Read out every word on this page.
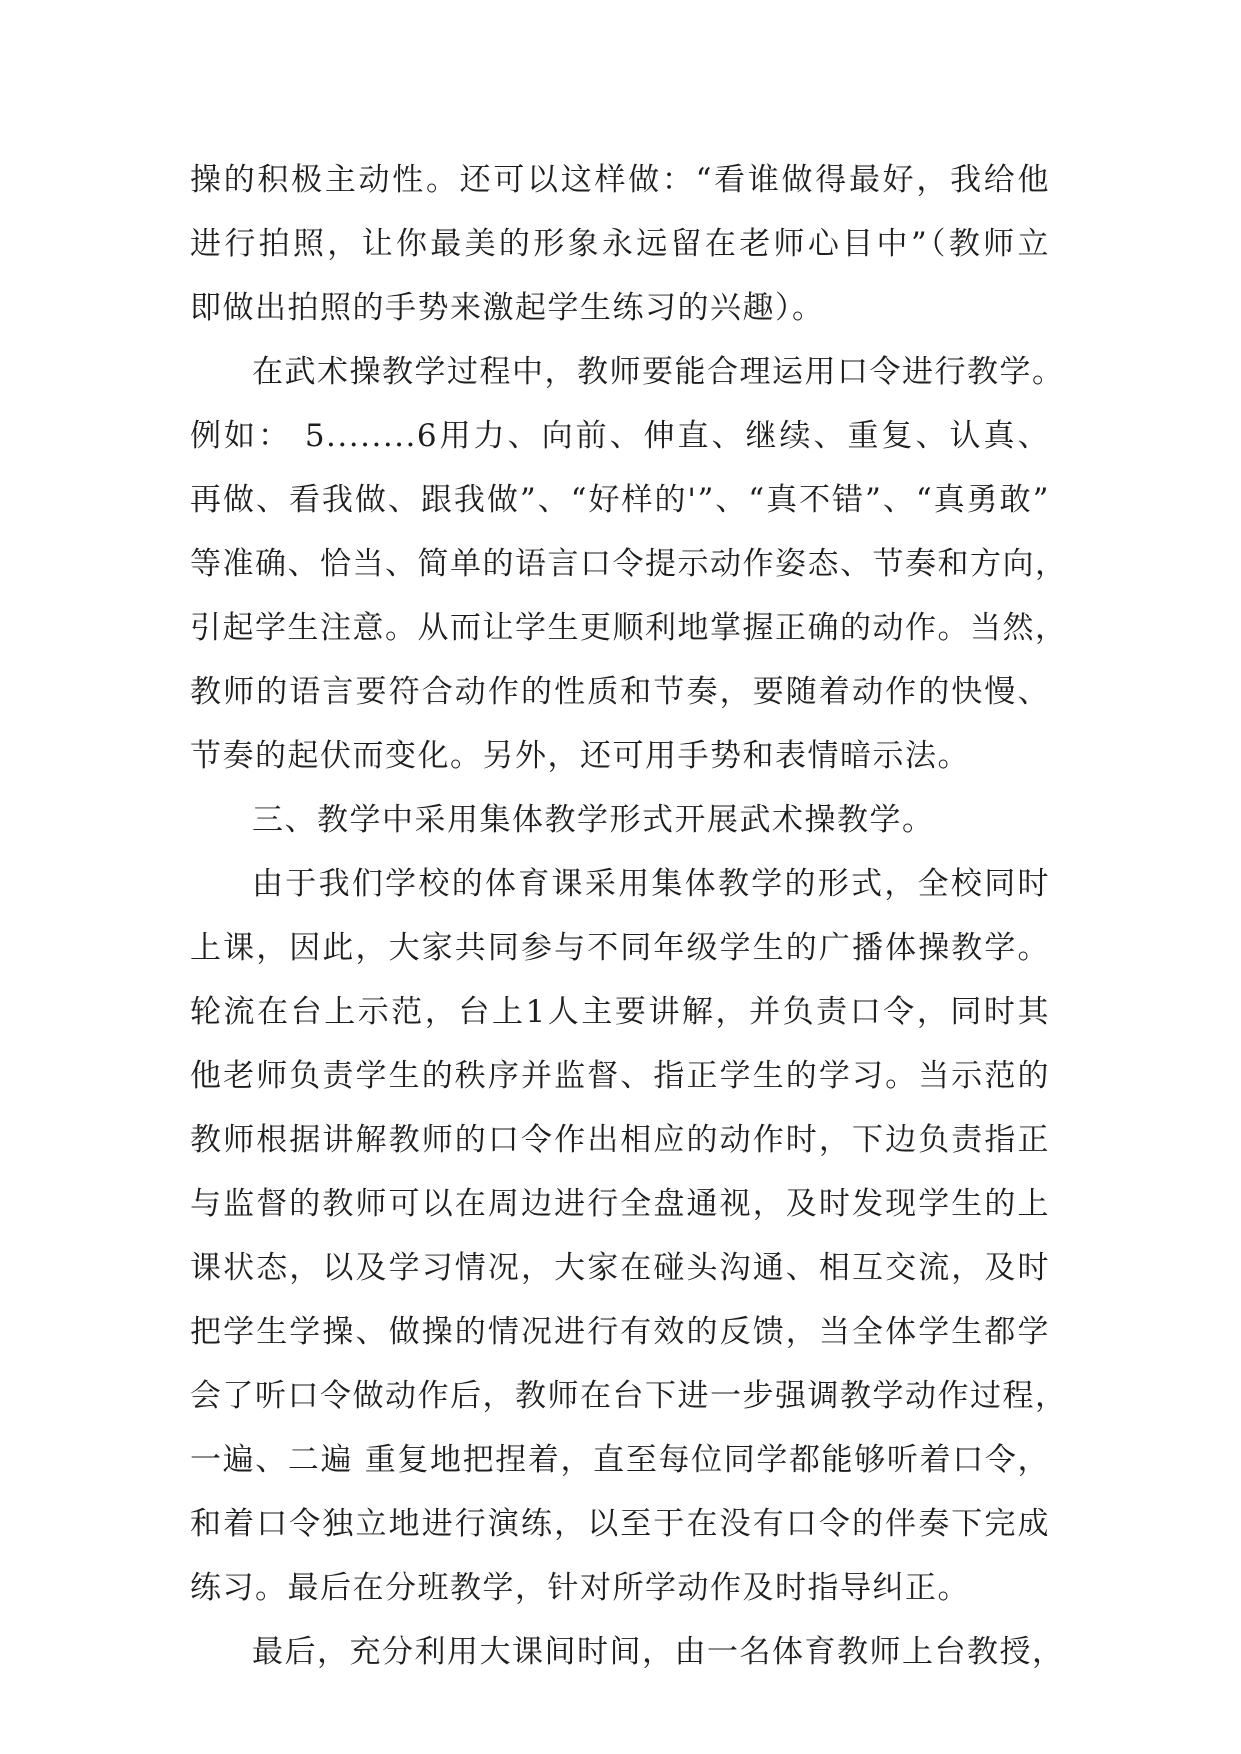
操的积极主动性。还可以这样做：“看谁做得最好，我给他
进行拍照，让你最美的形象永远留在老师心目中”（教师立
即做出拍照的手势来激起学生练习的兴趣）。
在武术操教学过程中，教师要能合理运用口令进行教学。
例如： 5........6用力、向前、伸直、继续、重复、认真、
再做、看我做、跟我做”、“好样的'”、“真不错”、“真勇敢”
等准确、恰当、简单的语言口令提示动作姿态、节奏和方向，
引起学生注意。从而让学生更顺利地掌握正确的动作。当然，
教师的语言要符合动作的性质和节奏，要随着动作的快慢、
节奏的起伏而变化。另外，还可用手势和表情暗示法。
三、教学中采用集体教学形式开展武术操教学。
由于我们学校的体育课采用集体教学的形式，全校同时
上课，因此，大家共同参与不同年级学生的广播体操教学。
轮流在台上示范，台上1人主要讲解，并负责口令，同时其
他老师负责学生的秩序并监督、指正学生的学习。当示范的
教师根据讲解教师的口令作出相应的动作时，下边负责指正
与监督的教师可以在周边进行全盘通视，及时发现学生的上
课状态，以及学习情况，大家在碰头沟通、相互交流，及时
把学生学操、做操的情况进行有效的反馈，当全体学生都学
会了听口令做动作后，教师在台下进一步强调教学动作过程，
一遍、二遍 重复地把捏着，直至每位同学都能够听着口令，
和着口令独立地进行演练，以至于在没有口令的伴奏下完成
练习。最后在分班教学，针对所学动作及时指导纠正。
最后，充分利用大课间时间，由一名体育教师上台教授，
